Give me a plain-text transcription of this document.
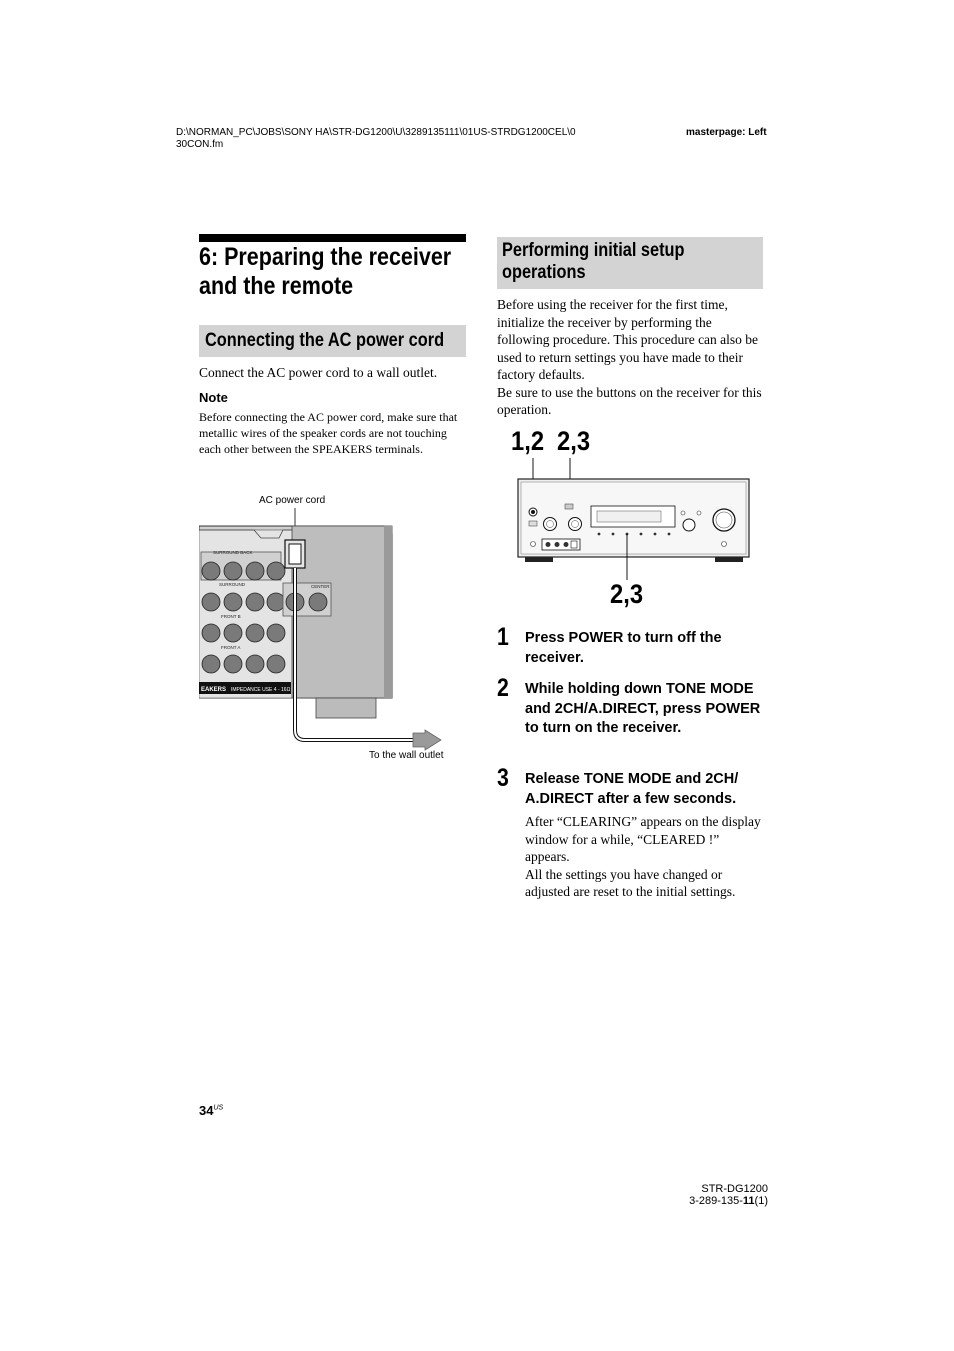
D:\NORMAN_PC\JOBS\SONY HA\STR-DG1200\U\3289135111\01US-STRDG1200CEL\030CON.fm
masterpage: Left
6: Preparing the receiver and the remote
Connecting the AC power cord
Connect the AC power cord to a wall outlet.
Note
Before connecting the AC power cord, make sure that metallic wires of the speaker cords are not touching each other between the SPEAKERS terminals.
AC power cord
SURROUND BACK
SURROUND
FRONT B
FRONT A
CENTER
EAKERS IMPEDANCE USE 4 - 16Ω
To the wall outlet
Performing initial setup operations
Before using the receiver for the first time, initialize the receiver by performing the following procedure. This procedure can also be used to return settings you have made to their factory defaults.
Be sure to use the buttons on the receiver for this operation.
1,2 2,3
2,3
1 Press POWER to turn off the receiver.
2 While holding down TONE MODE and 2CH/A.DIRECT, press POWER to turn on the receiver.
3 Release TONE MODE and 2CH/ A.DIRECT after a few seconds.
After “CLEARING” appears on the display window for a while, “CLEARED !” appears.
All the settings you have changed or adjusted are reset to the initial settings.
$34^{US}$
STR-DG1200
3-289-135-11(1)
